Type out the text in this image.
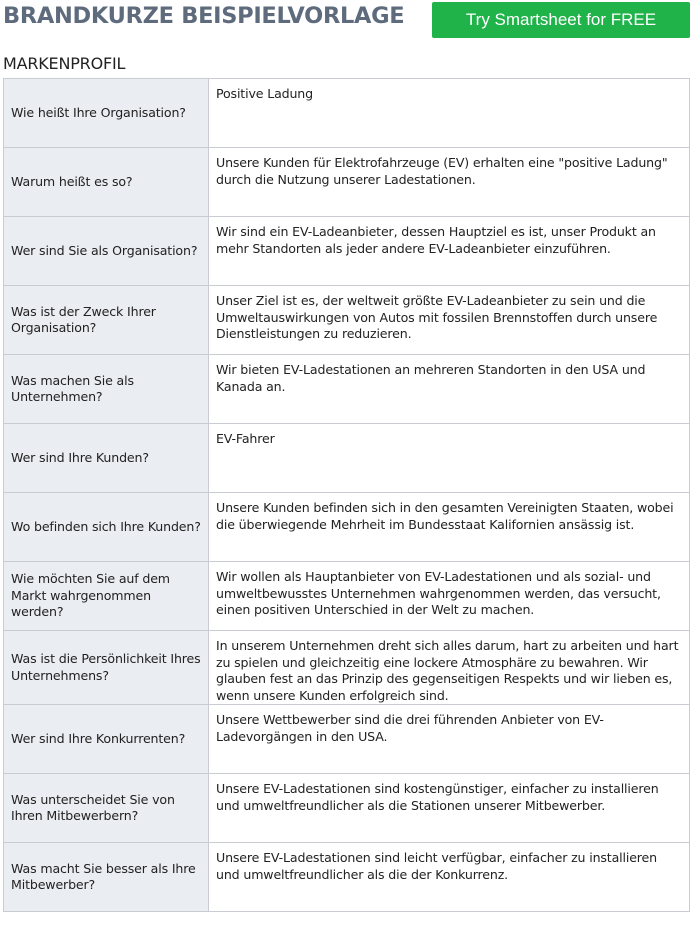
BRANDKURZE BEISPIELVORLAGE	Try Smartsheet for FREE
MARKENPROFIL
Wie heißt Ihre Organisation?	Positive Ladung
Warum heißt es so?	Unsere Kunden für Elektrofahrzeuge (EV) erhalten eine "positive Ladung" durch die Nutzung unserer Ladestationen.
Wer sind Sie als Organisation?	Wir sind ein EV-Ladeanbieter, dessen Hauptziel es ist, unser Produkt an mehr Standorten als jeder andere EV-Ladeanbieter einzuführen.
Was ist der Zweck Ihrer Organisation?	Unser Ziel ist es, der weltweit größte EV-Ladeanbieter zu sein und die Umweltauswirkungen von Autos mit fossilen Brennstoffen durch unsere Dienstleistungen zu reduzieren.
Was machen Sie als Unternehmen?	Wir bieten EV-Ladestationen an mehreren Standorten in den USA und Kanada an.
Wer sind Ihre Kunden?	EV-Fahrer
Wo befinden sich Ihre Kunden?	Unsere Kunden befinden sich in den gesamten Vereinigten Staaten, wobei die überwiegende Mehrheit im Bundesstaat Kalifornien ansässig ist.
Wie möchten Sie auf dem Markt wahrgenommen werden?	Wir wollen als Hauptanbieter von EV-Ladestationen und als sozial- und umweltbewusstes Unternehmen wahrgenommen werden, das versucht, einen positiven Unterschied in der Welt zu machen.
Was ist die Persönlichkeit Ihres Unternehmens?	In unserem Unternehmen dreht sich alles darum, hart zu arbeiten und hart zu spielen und gleichzeitig eine lockere Atmosphäre zu bewahren. Wir glauben fest an das Prinzip des gegenseitigen Respekts und wir lieben es, wenn unsere Kunden erfolgreich sind.
Wer sind Ihre Konkurrenten?	Unsere Wettbewerber sind die drei führenden Anbieter von EV-Ladevorgängen in den USA.
Was unterscheidet Sie von Ihren Mitbewerbern?	Unsere EV-Ladestationen sind kostengünstiger, einfacher zu installieren und umweltfreundlicher als die Stationen unserer Mitbewerber.
Was macht Sie besser als Ihre Mitbewerber?	Unsere EV-Ladestationen sind leicht verfügbar, einfacher zu installieren und umweltfreundlicher als die der Konkurrenz.
